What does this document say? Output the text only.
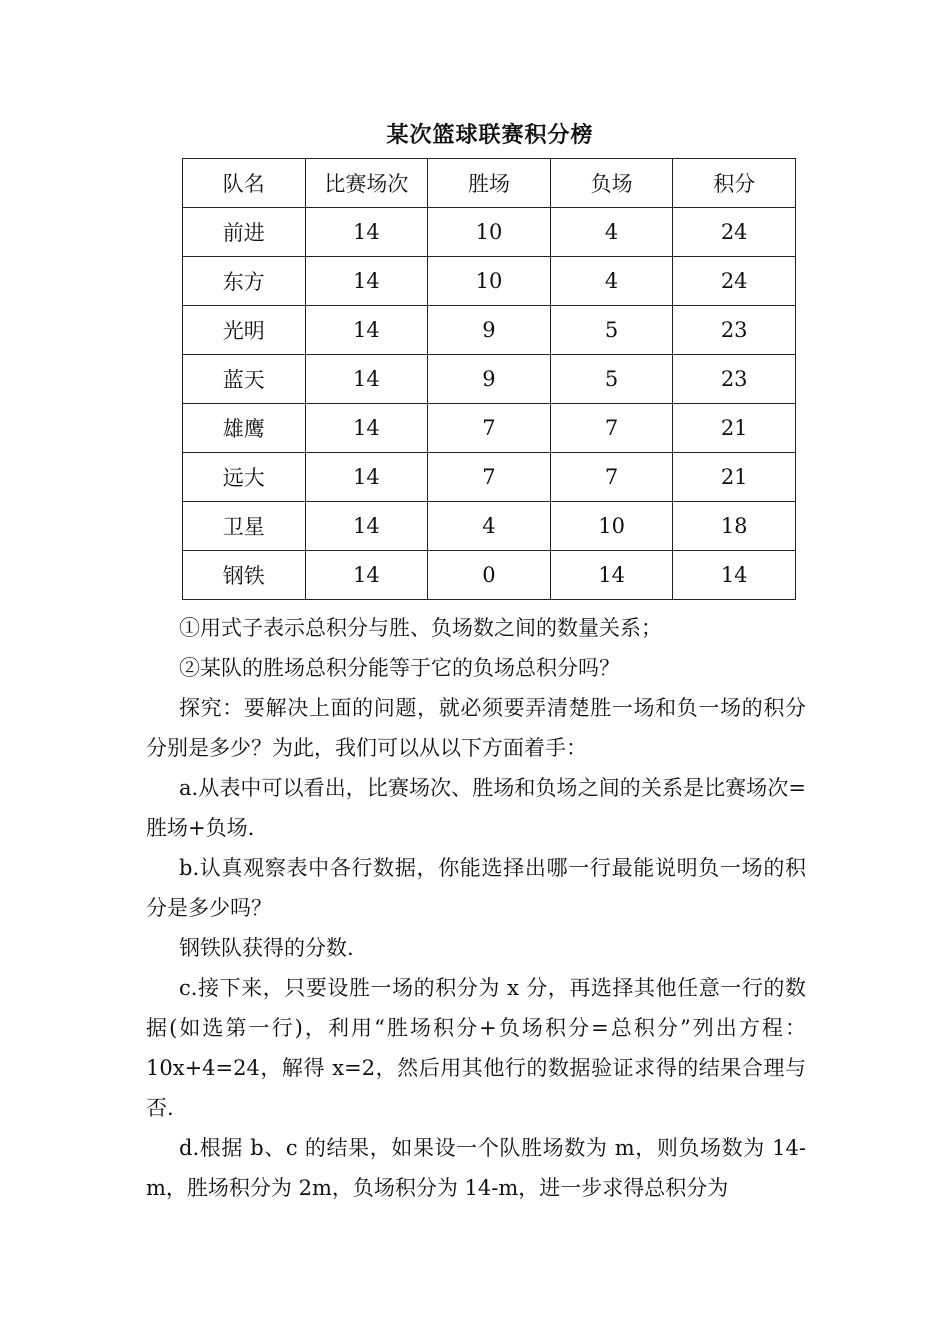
某次篮球联赛积分榜
队名	比赛场次	胜场	负场	积分
前进	14	10	4	24
东方	14	10	4	24
光明	14	9	5	23
蓝天	14	9	5	23
雄鹰	14	7	7	21
远大	14	7	7	21
卫星	14	4	10	18
钢铁	14	0	14	14

①用式子表示总积分与胜、负场数之间的数量关系；

②某队的胜场总积分能等于它的负场总积分吗？

探究：要解决上面的问题，就必须要弄清楚胜一场和负一场的积分分别是多少？为此，我们可以从以下方面着手：

a.从表中可以看出，比赛场次、胜场和负场之间的关系是比赛场次=胜场+负场.

b.认真观察表中各行数据，你能选择出哪一行最能说明负一场的积分是多少吗？

钢铁队获得的分数.

c.接下来，只要设胜一场的积分为 x 分，再选择其他任意一行的数据(如选第一行)，利用“胜场积分+负场积分=总积分”列出方程：10x+4=24，解得 x=2，然后用其他行的数据验证求得的结果合理与否.

d.根据 b、c 的结果，如果设一个队胜场数为 m，则负场数为 14-m，胜场积分为 2m，负场积分为 14-m，进一步求得总积分为
